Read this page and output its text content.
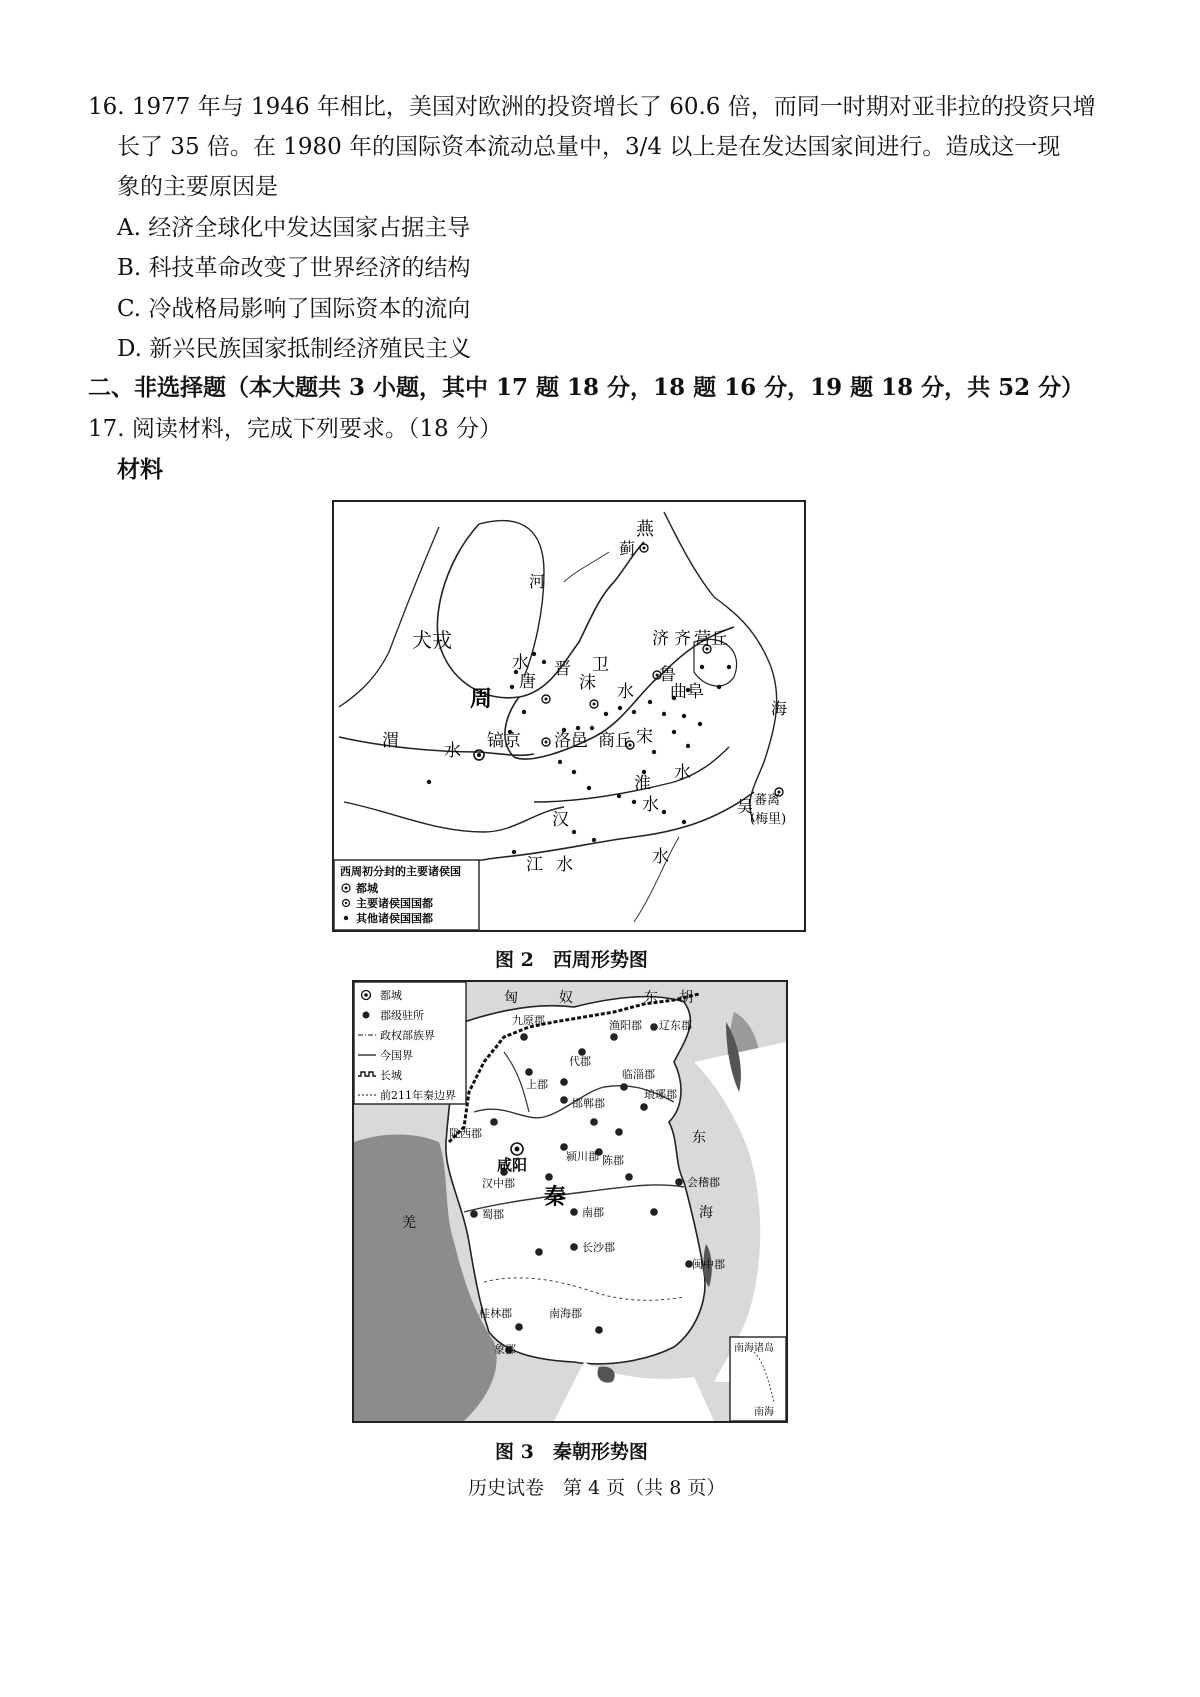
16. 1977 年与 1946 年相比，美国对欧洲的投资增长了 60.6 倍，而同一时期对亚非拉的投资只增
长了 35 倍。在 1980 年的国际资本流动总量中，3/4 以上是在发达国家间进行。造成这一现
象的主要原因是
A. 经济全球化中发达国家占据主导
B. 科技革命改变了世界经济的结构
C. 冷战格局影响了国际资本的流向
D. 新兴民族国家抵制经济殖民主义
二、非选择题（本大题共 3 小题，其中 17 题 18 分，18 题 16 分，19 题 18 分，共 52 分）
17. 阅读材料，完成下列要求。（18 分）
材料
燕
蓟
河
犬戎	济 齐 营丘
水
唐
晋 卫
沬	鲁
曲阜
周	水
海
渭	水 镐京 洛邑 商丘 宋
水
淮
水	吴 蕃离
(梅里)
汉
江 水	水
西周初分封的主要诸侯国
都城
主要诸侯国国都
其他诸侯国国都
图 2　西周形势图
都城
郡级驻所
政权部族界
今国界
长城
前211年秦边界
匈	奴	东 胡
九原郡	渔阳郡 辽东郡
代郡
临淄郡
上郡
邯郸郡
琅琊郡
陇西郡
咸阳	颍川郡 陈郡
汉中郡
秦
会稽郡
蜀郡	南郡
长沙郡
闽中郡
桂林郡	南海郡
象郡
羌
东
海
南海诸岛
南海
图 3　秦朝形势图
历史试卷　第 4 页（共 8 页）
